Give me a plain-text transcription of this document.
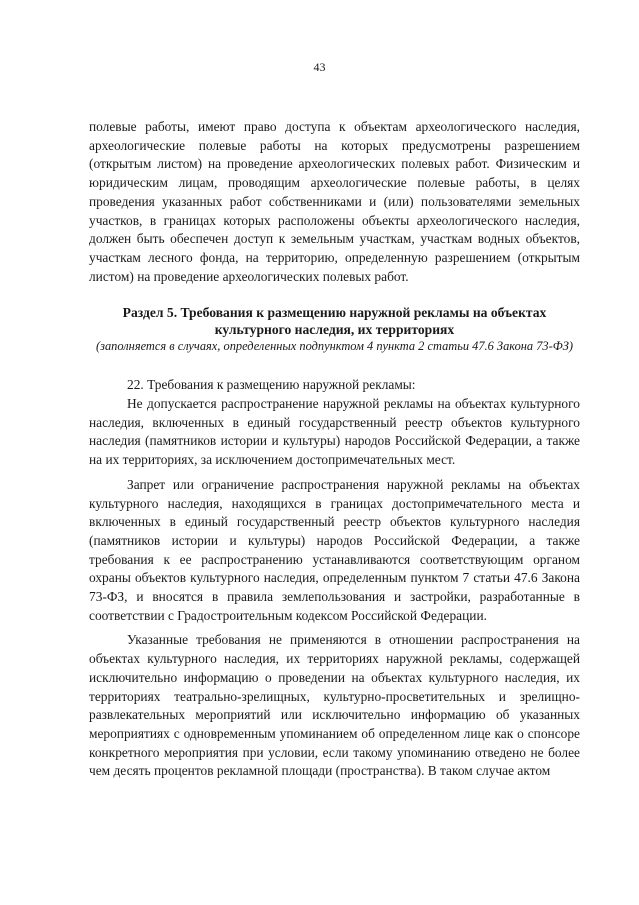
43

полевые работы, имеют право доступа к объектам археологического наследия, археологические полевые работы на которых предусмотрены разрешением (открытым листом) на проведение археологических полевых работ. Физическим и юридическим лицам, проводящим археологические полевые работы, в целях проведения указанных работ собственниками и (или) пользователями земельных участков, в границах которых расположены объекты археологического наследия, должен быть обеспечен доступ к земельным участкам, участкам водных объектов, участкам лесного фонда, на территорию, определенную разрешением (открытым листом) на проведение археологических полевых работ.

Раздел 5. Требования к размещению наружной рекламы на объектах культурного наследия, их территориях
(заполняется в случаях, определенных подпунктом 4 пункта 2 статьи 47.6 Закона 73-ФЗ)

22. Требования к размещению наружной рекламы:

Не допускается распространение наружной рекламы на объектах культурного наследия, включенных в единый государственный реестр объектов культурного наследия (памятников истории и культуры) народов Российской Федерации, а также на их территориях, за исключением достопримечательных мест.

Запрет или ограничение распространения наружной рекламы на объектах культурного наследия, находящихся в границах достопримечательного места и включенных в единый государственный реестр объектов культурного наследия (памятников истории и культуры) народов Российской Федерации, а также требования к ее распространению устанавливаются соответствующим органом охраны объектов культурного наследия, определенным пунктом 7 статьи 47.6 Закона 73-ФЗ, и вносятся в правила землепользования и застройки, разработанные в соответствии с Градостроительным кодексом Российской Федерации.

Указанные требования не применяются в отношении распространения на объектах культурного наследия, их территориях наружной рекламы, содержащей исключительно информацию о проведении на объектах культурного наследия, их территориях театрально-зрелищных, культурно-просветительных и зрелищно-развлекательных мероприятий или исключительно информацию об указанных мероприятиях с одновременным упоминанием об определенном лице как о спонсоре конкретного мероприятия при условии, если такому упоминанию отведено не более чем десять процентов рекламной площади (пространства). В таком случае актом
